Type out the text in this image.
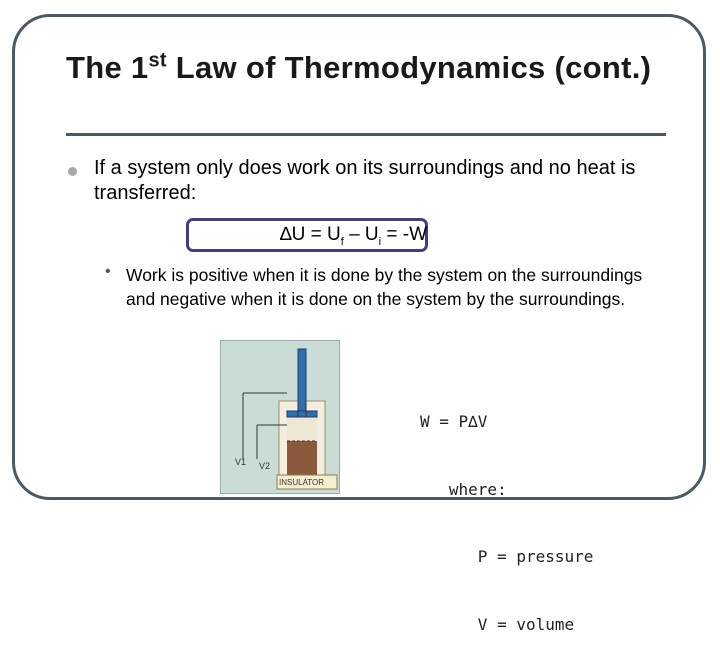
The 1st Law of Thermodynamics (cont.)
If a system only does work on its surroundings and no heat is transferred:
$\Delta U = U_f - U_i = -W$
• Work is positive when it is done by the system on the surroundings and negative when it is done on the system by the surroundings.
V1 V2
INSULATOR

W = P∆V

where:

P = pressure

V = volume
